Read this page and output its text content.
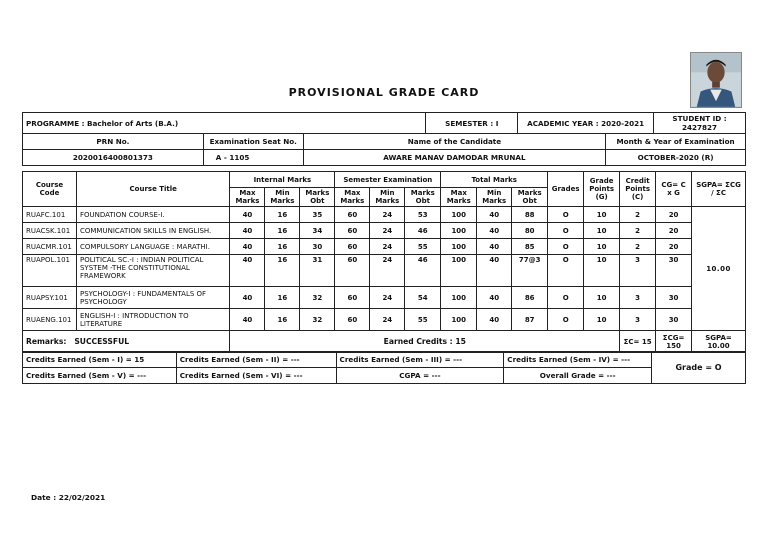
PROVISIONAL GRADE CARD
PROGRAMME : Bachelor of Arts (B.A.)	SEMESTER : I	ACADEMIC YEAR : 2020-2021	STUDENT ID : 2427827
PRN No.	Examination Seat No.	Name of the Candidate	Month & Year of Examination
2020016400801373	A - 1105	AWARE MANAV DAMODAR MRUNAL	OCTOBER-2020 (R)
Course Code	Course Title	Internal Marks			Semester Examination			Total Marks			Grades	Grade Points (G)	Credit Points (C)	CG= C x G	SGPA= ΣCG / ΣC
		Max Marks	Min Marks	Marks Obt	Max Marks	Min Marks	Marks Obt	Max Marks	Min Marks	Marks Obt					
RUAFC.101	FOUNDATION COURSE-I.	40	16	35	60	24	53	100	40	88	O	10	2	20	10.00
RUACSK.101	COMMUNICATION SKILLS IN ENGLISH.	40	16	34	60	24	46	100	40	80	O	10	2	20	
RUACMR.101	COMPULSORY LANGUAGE : MARATHI.	40	16	30	60	24	55	100	40	85	O	10	2	20	
RUAPOL.101	POLITICAL SC.-I : INDIAN POLITICAL SYSTEM -THE CONSTITUTIONAL FRAMEWORK	40	16	31	60	24	46	100	40	77@3	O	10	3	30	
RUAPSY.101	PSYCHOLOGY-I : FUNDAMENTALS OF PSYCHOLOGY	40	16	32	60	24	54	100	40	86	O	10	3	30	
RUAENG.101	ENGLISH-I : INTRODUCTION TO LITERATURE	40	16	32	60	24	55	100	40	87	O	10	3	30	
Remarks: SUCCESSFUL		Earned Credits : 15											ΣC= 15	ΣCG= 150	SGPA= 10.00
Credits Earned (Sem - I) = 15	Credits Earned (Sem - II) = ---	Credits Earned (Sem - III) = ---	Credits Earned (Sem - IV) = ---	Grade = O
Credits Earned (Sem - V) = ---	Credits Earned (Sem - VI) = ---	CGPA = ---	Overall Grade = ---	
Date : 22/02/2021
